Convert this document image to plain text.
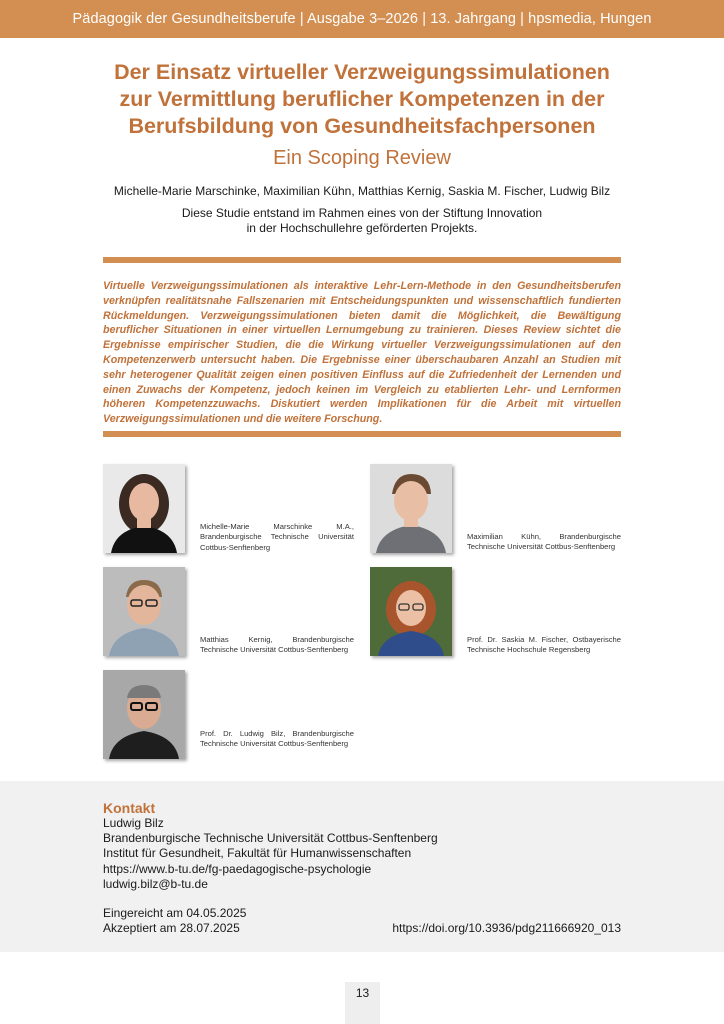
Pädagogik der Gesundheitsberufe | Ausgabe 3–2026 | 13. Jahrgang | hpsmedia, Hungen
Der Einsatz virtueller Verzweigungssimulationen
zur Vermittlung beruflicher Kompetenzen in der
Berufsbildung von Gesundheitsfachpersonen
Ein Scoping Review
Michelle-Marie Marschinke, Maximilian Kühn, Matthias Kernig, Saskia M. Fischer, Ludwig Bilz
Diese Studie entstand im Rahmen eines von der Stiftung Innovation
in der Hochschullehre geförderten Projekts.

Virtuelle Verzweigungssimulationen als interaktive Lehr-Lern-Methode in den Gesundheitsberufen verknüpfen realitätsnahe Fallszenarien mit Entscheidungspunkten und wissenschaftlich fundierten Rückmeldungen. Verzweigungssimulationen bieten damit die Möglichkeit, die Bewältigung beruflicher Situationen in einer virtuellen Lernumgebung zu trainieren. Dieses Review sichtet die Ergebnisse empirischer Studien, die die Wirkung virtueller Verzweigungssimulationen auf den Kompetenzerwerb untersucht haben. Die Ergebnisse einer überschaubaren Anzahl an Studien mit sehr heterogener Qualität zeigen einen positiven Einfluss auf die Zufriedenheit der Lernenden und einen Zuwachs der Kompetenz, jedoch keinen im Vergleich zu etablierten Lehr- und Lernformen höheren Kompetenzzuwachs. Diskutiert werden Implikationen für die Arbeit mit virtuellen Verzweigungssimulationen und die weitere Forschung.

Michelle-Marie Marschinke M.A., Brandenburgische Technische Universität Cottbus-Senftenberg
Maximilian Kühn, Brandenburgische Technische Universität Cottbus-Senftenberg
Matthias Kernig, Brandenburgische Technische Universität Cottbus-Senftenberg
Prof. Dr. Saskia M. Fischer, Ostbayerische Technische Hochschule Regensberg
Prof. Dr. Ludwig Bilz, Brandenburgische Technische Universität Cottbus-Senftenberg
Kontakt
Ludwig Bilz
Brandenburgische Technische Universität Cottbus-Senftenberg
Institut für Gesundheit, Fakultät für Humanwissenschaften
https://www.b-tu.de/fg-paedagogische-psychologie
ludwig.bilz@b-tu.de
Eingereicht am 04.05.2025
Akzeptiert am 28.07.2025	https://doi.org/10.3936/pdg211666920_013
13
